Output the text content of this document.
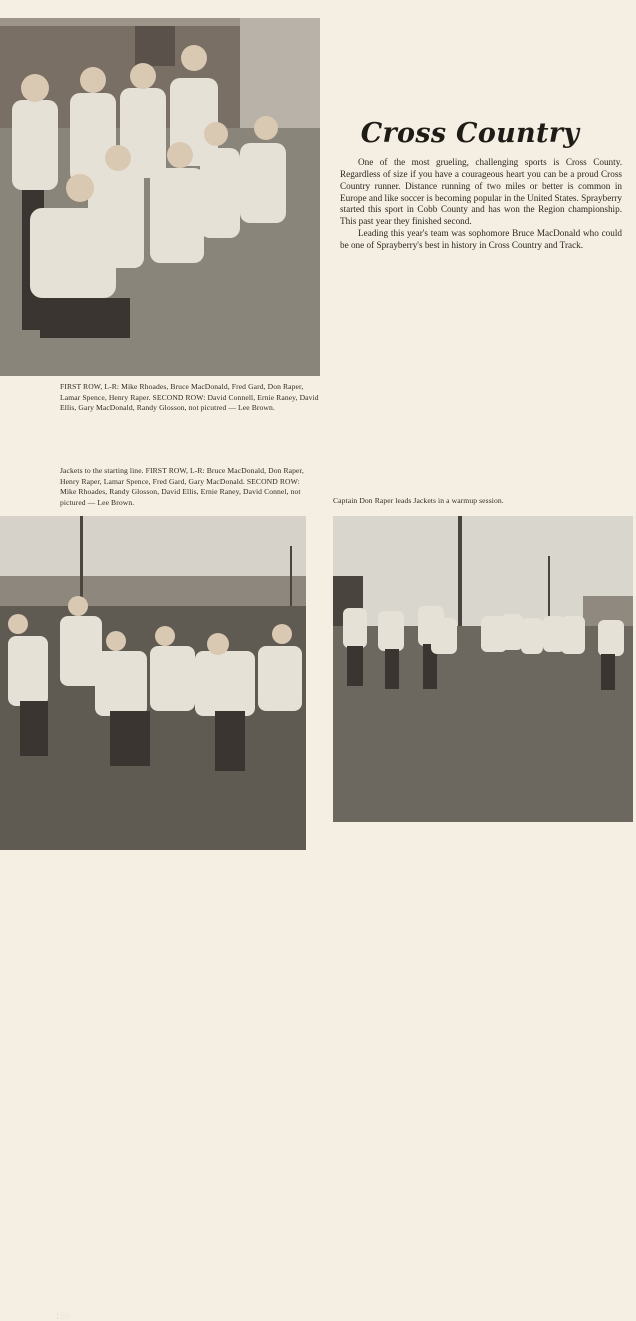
FIRST ROW, L-R: Mike Rhoades, Bruce MacDonald, Fred Gard, Don Raper, Lamar Spence, Henry Raper. SECOND ROW: David Connell, Ernie Raney, David Ellis, Gary MacDonald, Randy Glosson, not picutred — Lee Brown.
Cross Country

One of the most grueling, challenging sports is Cross County. Regardless of size if you have a courageous heart you can be a proud Cross Country runner. Distance running of two miles or better is common in Europe and like soccer is becoming popular in the United States. Sprayberry started this sport in Cobb County and has won the Region championship. This past year they finished second.

Leading this year's team was sophomore Bruce MacDonald who could be one of Sprayberry's best in history in Cross Country and Track.

Jackets to the starting line. FIRST ROW, L-R: Bruce MacDonald, Don Raper, Henry Raper, Lamar Spence, Fred Gard, Gary MacDonald. SECOND ROW: Mike Rhoades, Randy Glosson, David Ellis, Ernie Raney, David Connel, not pictured — Lee Brown.	Captain Don Raper leads Jackets in a warmup session.
150
